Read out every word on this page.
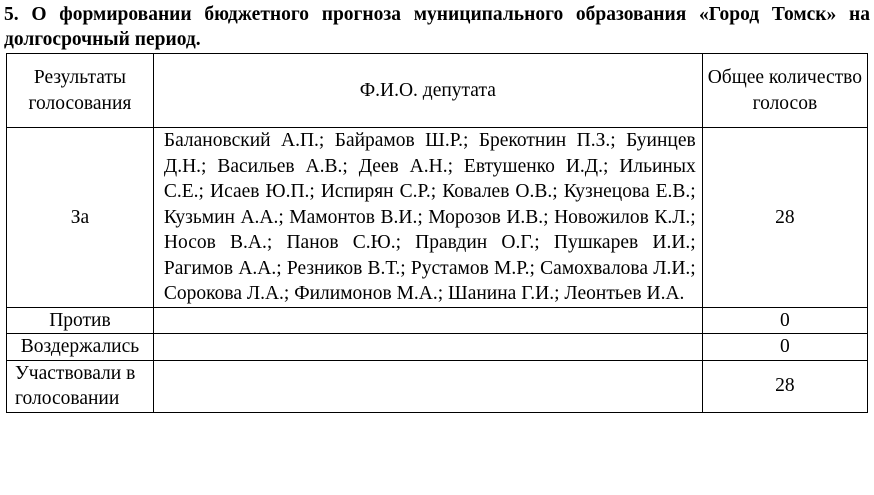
5. О формировании бюджетного прогноза муниципального образования «Город Томск» на долгосрочный период.
Результаты голосования	Ф.И.О. депутата	Общее количество голосов
За	Балановский А.П.; Байрамов Ш.Р.; Брекотнин П.З.; Буинцев Д.Н.; Васильев А.В.; Деев А.Н.; Евтушенко И.Д.; Ильиных С.Е.; Исаев Ю.П.; Испирян С.Р.; Ковалев О.В.; Кузнецова Е.В.; Кузьмин А.А.; Мамонтов В.И.; Морозов И.В.; Новожилов К.Л.; Носов В.А.; Панов С.Ю.; Правдин О.Г.; Пушкарев И.И.; Рагимов А.А.; Резников В.Т.; Рустамов М.Р.; Самохвалова Л.И.; Сорокова Л.А.; Филимонов М.А.; Шанина Г.И.; Леонтьев И.А.	28
Против		0
Воздержались		0
Участвовали в голосовании		28
